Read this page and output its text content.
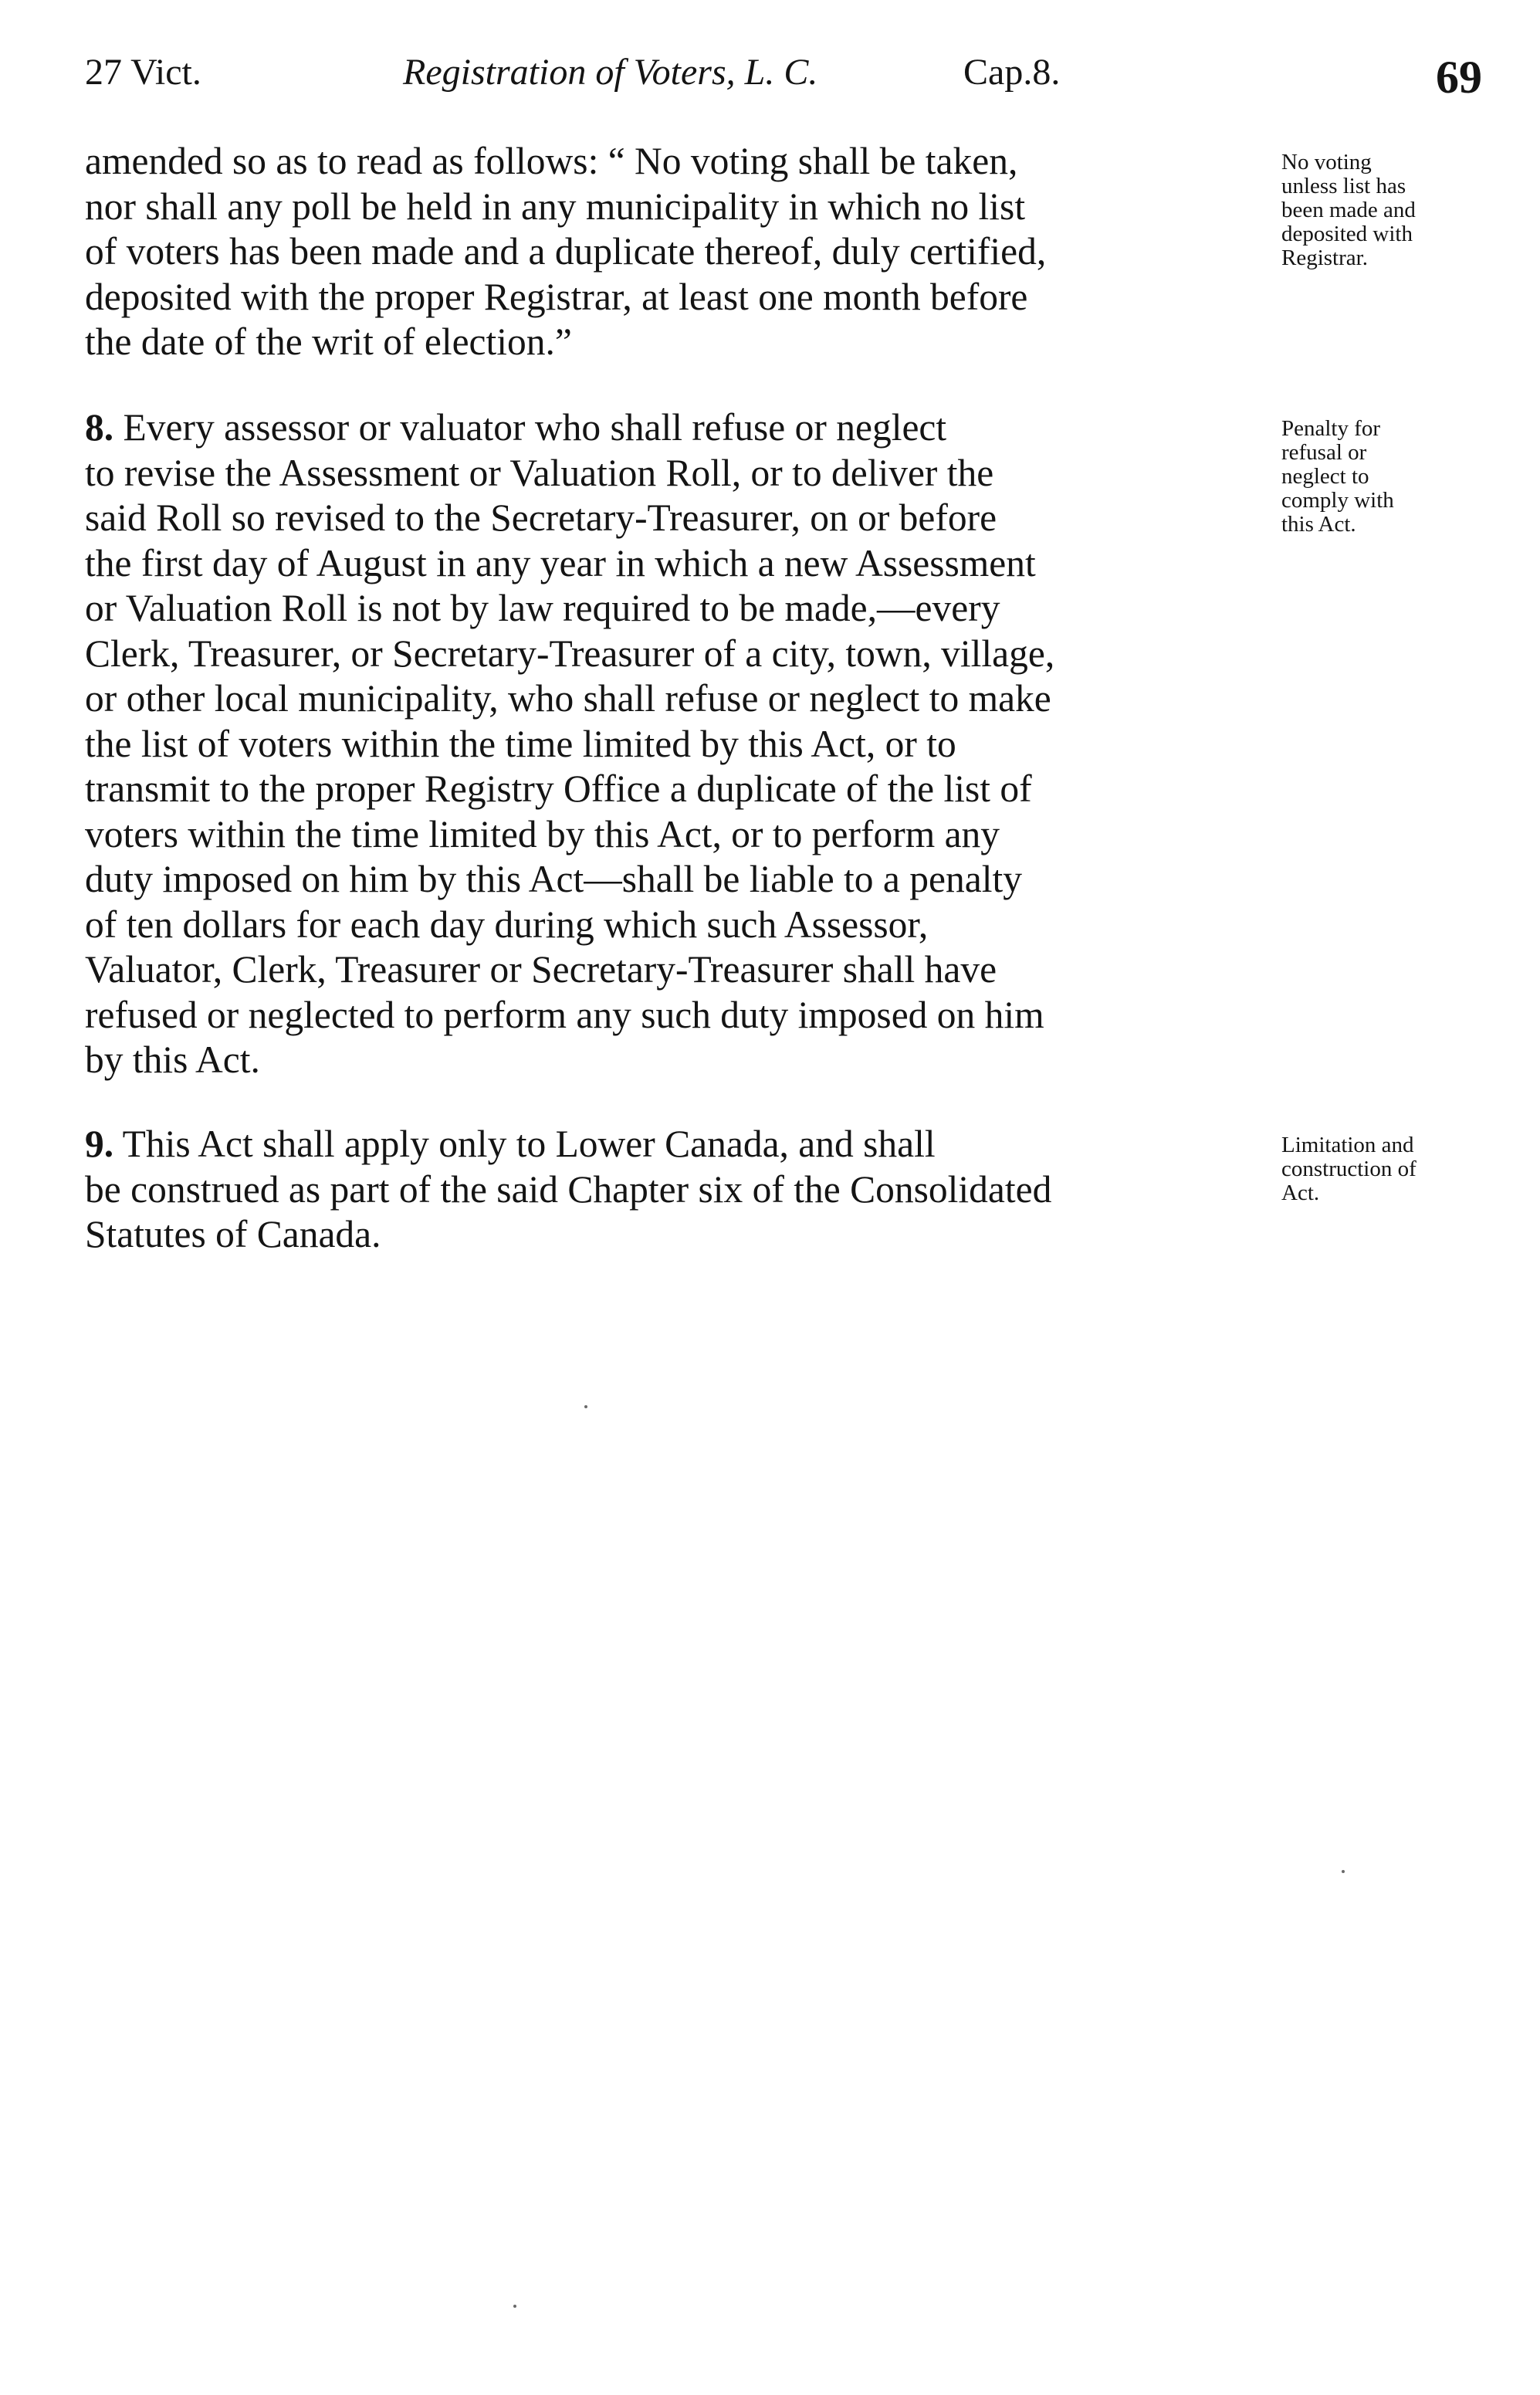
27 Vict.	Registration of Voters, L. C.	Cap.8.	69
amended so as to read as follows: “ No voting shall be taken,
nor shall any poll be held in any municipality in which no list
of voters has been made and a duplicate thereof, duly certified,
deposited with the proper Registrar, at least one month before
the date of the writ of election.”
No voting
unless list has
been made and
deposited with
Registrar.
8. Every assessor or valuator who shall refuse or neglect
to revise the Assessment or Valuation Roll, or to deliver the
said Roll so revised to the Secretary-Treasurer, on or before
the first day of August in any year in which a new Assessment
or Valuation Roll is not by law required to be made,—every
Clerk, Treasurer, or Secretary-Treasurer of a city, town, village,
or other local municipality, who shall refuse or neglect to make
the list of voters within the time limited by this Act, or to
transmit to the proper Registry Office a duplicate of the list of
voters within the time limited by this Act, or to perform any
duty imposed on him by this Act—shall be liable to a penalty
of ten dollars for each day during which such Assessor,
Valuator, Clerk, Treasurer or Secretary-Treasurer shall have
refused or neglected to perform any such duty imposed on him
by this Act.
Penalty for
refusal or
neglect to
comply with
this Act.
9. This Act shall apply only to Lower Canada, and shall
be construed as part of the said Chapter six of the Consolidated
Statutes of Canada.
Limitation and
construction of
Act.
